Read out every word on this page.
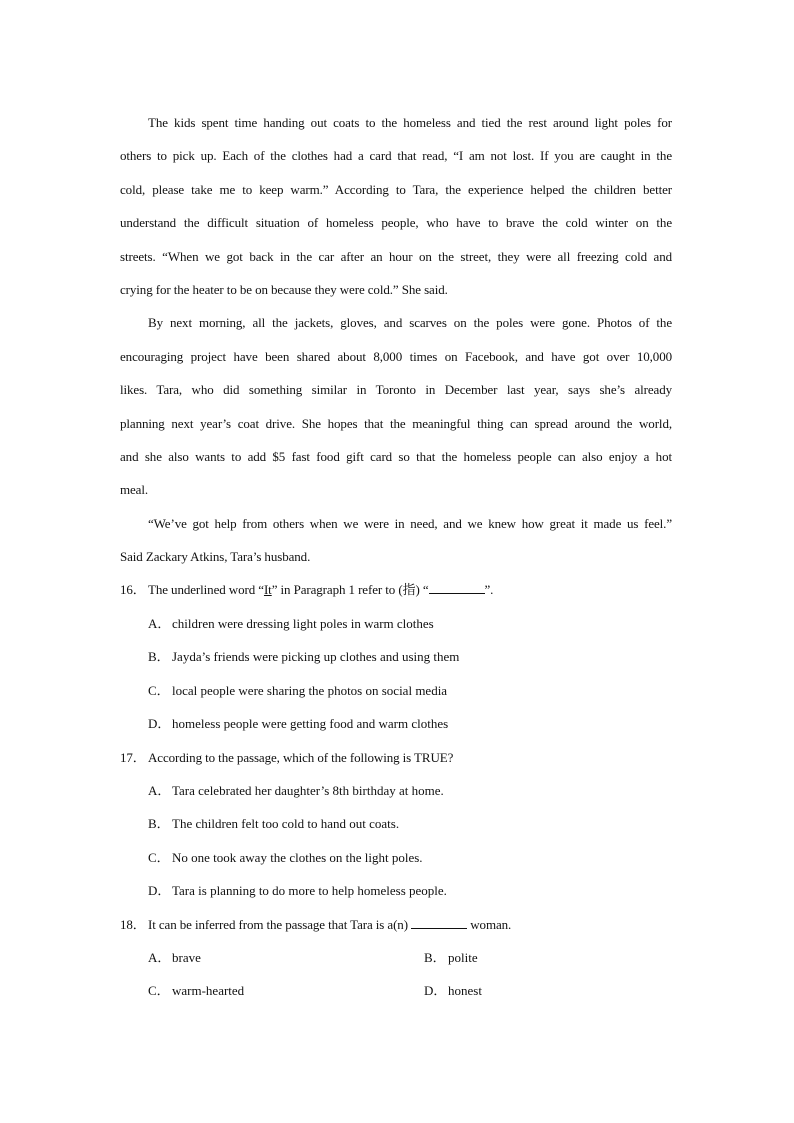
The kids spent time handing out coats to the homeless and tied the rest around light poles for
others to pick up. Each of the clothes had a card that read, “I am not lost. If you are caught in the
cold, please take me to keep warm.” According to Tara, the experience helped the children better
understand the difficult situation of homeless people, who have to brave the cold winter on the
streets. “When we got back in the car after an hour on the street, they were all freezing cold and
crying for the heater to be on because they were cold.” She said.
By next morning, all the jackets, gloves, and scarves on the poles were gone. Photos of the
encouraging project have been shared about 8,000 times on Facebook, and have got over 10,000
likes. Tara, who did something similar in Toronto in December last year, says she’s already
planning next year’s coat drive. She hopes that the meaningful thing can spread around the world,
and she also wants to add $5 fast food gift card so that the homeless people can also enjoy a hot
meal.
“We’ve got help from others when we were in need, and we knew how great it made us feel.”
Said Zackary Atkins, Tara’s husband.
16． The underlined word “It” in Paragraph 1 refer to (指) “	”.
A． children were dressing light poles in warm clothes
B． Jayda’s friends were picking up clothes and using them
C． local people were sharing the photos on social media
D． homeless people were getting food and warm clothes
17． According to the passage, which of the following is TRUE?
A． Tara celebrated her daughter’s 8th birthday at home.
B． The children felt too cold to hand out coats.
C． No one took away the clothes on the light poles.
D． Tara is planning to do more to help homeless people.
18． It can be inferred from the passage that Tara is a(n)	woman.
A． brave	B． polite
C． warm-hearted	D． honest
